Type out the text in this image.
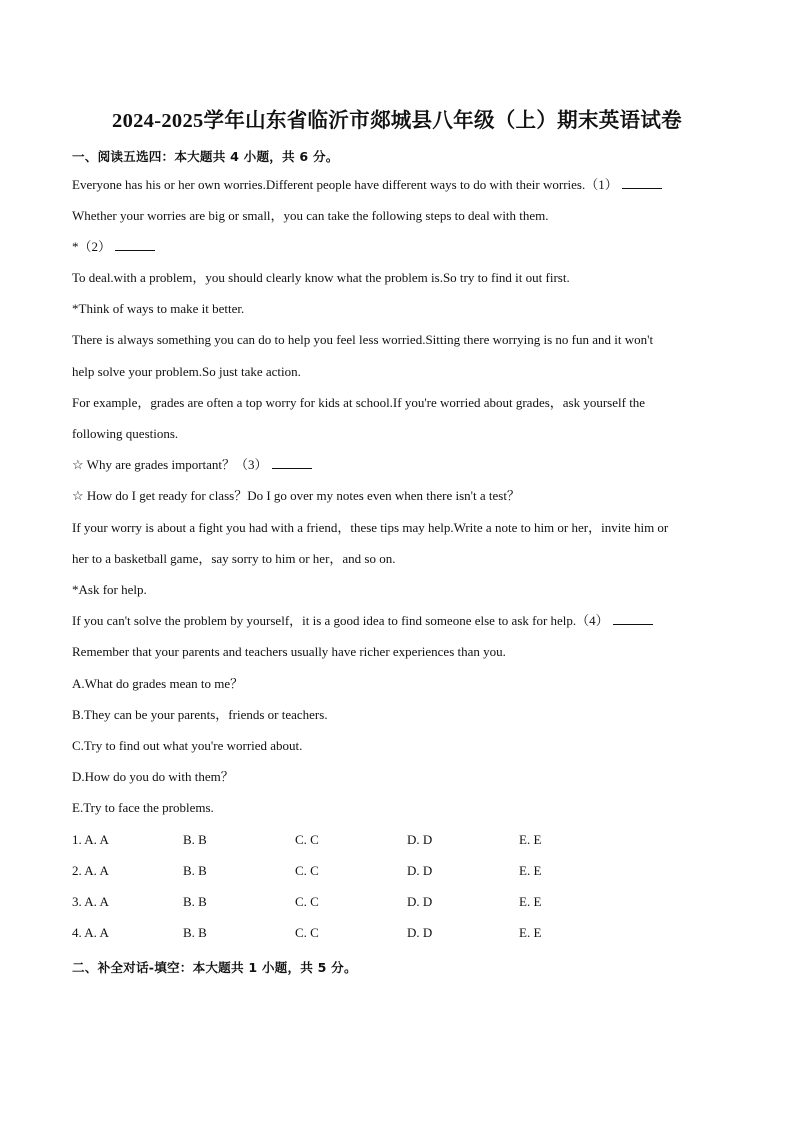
2024-2025学年山东省临沂市郯城县八年级（上）期末英语试卷
一、阅读五选四：本大题共 4 小题，共 6 分。
Everyone has his or her own worries.Different people have different ways to do with their worries.（1）
Whether your worries are big or small，you can take the following steps to deal with them.
*（2）
To deal.with a problem，you should clearly know what the problem is.So try to find it out first.
*Think of ways to make it better.
There is always something you can do to help you feel less worried.Sitting there worrying is no fun and it won't
help solve your problem.So just take action.
For example，grades are often a top worry for kids at school.If you're worried about grades，ask yourself the
following questions.
☆ Why are grades important？（3）
☆ How do I get ready for class？Do I go over my notes even when there isn't a test？
If your worry is about a fight you had with a friend，these tips may help.Write a note to him or her，invite him or
her to a basketball game，say sorry to him or her，and so on.
*Ask for help.
If you can't solve the problem by yourself，it is a good idea to find someone else to ask for help.（4）
Remember that your parents and teachers usually have richer experiences than you.
A.What do grades mean to me？
B.They can be your parents，friends or teachers.
C.Try to find out what you're worried about.
D.How do you do with them？
E.Try to face the problems.
1. A. A	B. B	C. C	D. D	E. E
2. A. A	B. B	C. C	D. D	E. E
3. A. A	B. B	C. C	D. D	E. E
4. A. A	B. B	C. C	D. D	E. E
二、补全对话-填空：本大题共 1 小题，共 5 分。
